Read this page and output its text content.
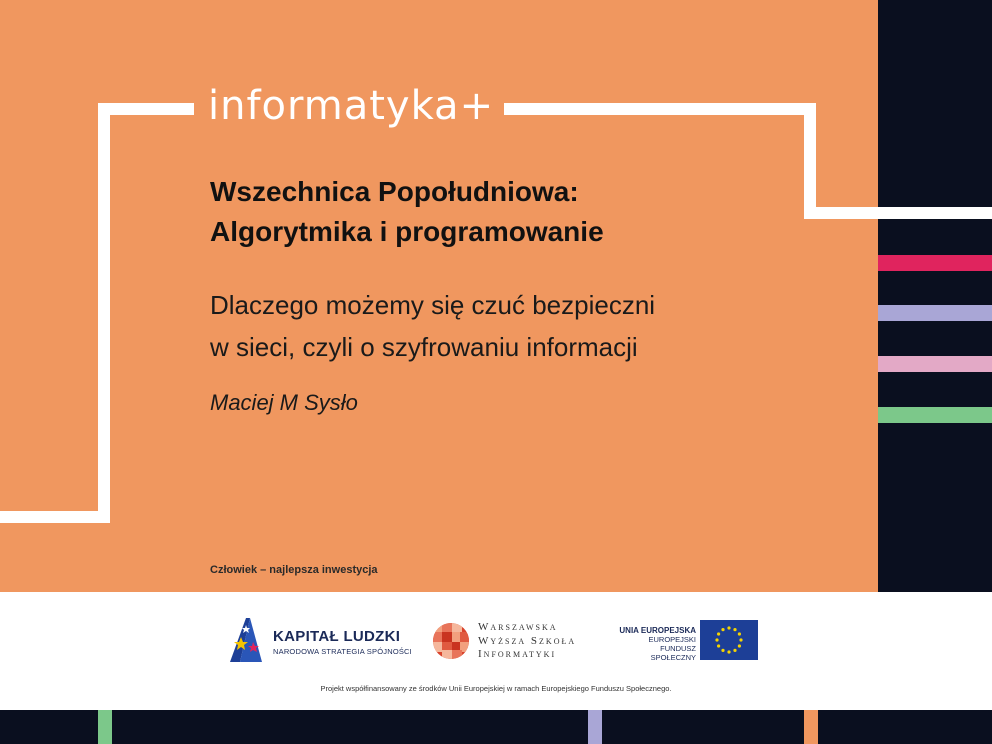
informatyka+
Wszechnica Popołudniowa:
Algorytmika i programowanie
Dlaczego możemy się czuć bezpieczni
w sieci, czyli o szyfrowaniu informacji
Maciej M Sysło
Człowiek – najlepsza inwestycja
KAPITAŁ LUDZKI
NARODOWA STRATEGIA SPÓJNOŚCI
Warszawska
Wyższa Szkoła
Informatyki
UNIA EUROPEJSKA
EUROPEJSKI
FUNDUSZ SPOŁECZNY
Projekt współfinansowany ze środków Unii Europejskiej w ramach Europejskiego Funduszu Społecznego.
